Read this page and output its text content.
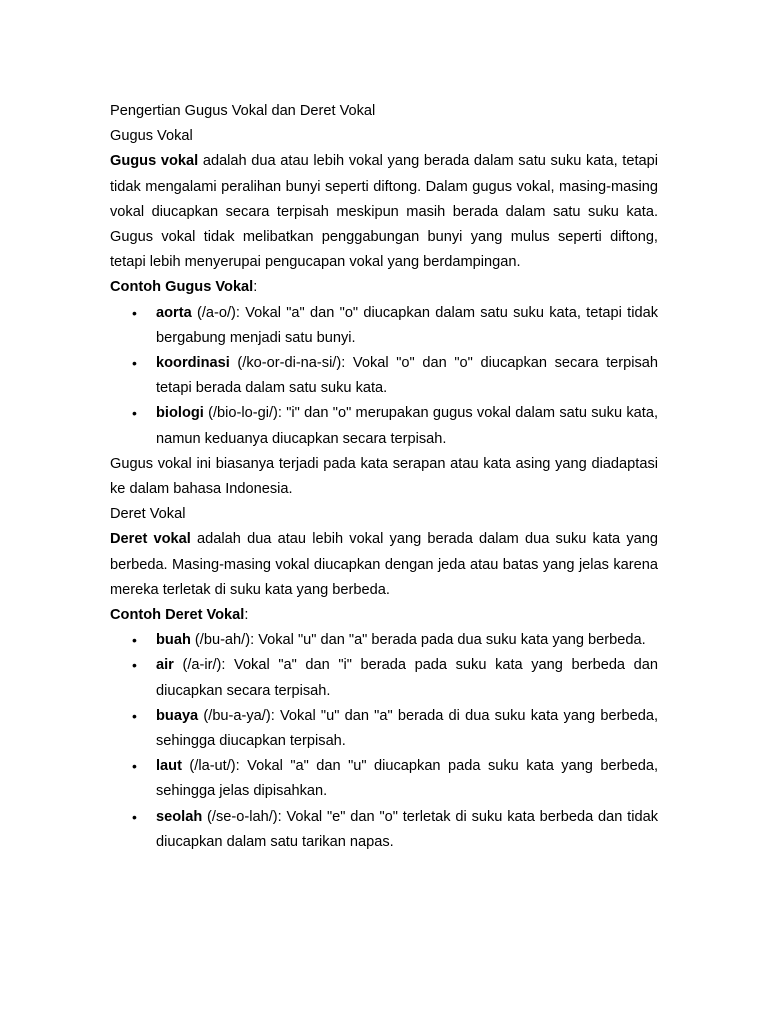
Pengertian Gugus Vokal dan Deret Vokal

Gugus Vokal

Gugus vokal adalah dua atau lebih vokal yang berada dalam satu suku kata, tetapi tidak mengalami peralihan bunyi seperti diftong. Dalam gugus vokal, masing-masing vokal diucapkan secara terpisah meskipun masih berada dalam satu suku kata. Gugus vokal tidak melibatkan penggabungan bunyi yang mulus seperti diftong, tetapi lebih menyerupai pengucapan vokal yang berdampingan.

Contoh Gugus Vokal:

• aorta (/a-o/): Vokal "a" dan "o" diucapkan dalam satu suku kata, tetapi tidak bergabung menjadi satu bunyi.
• koordinasi (/ko-or-di-na-si/): Vokal "o" dan "o" diucapkan secara terpisah tetapi berada dalam satu suku kata.
• biologi (/bio-lo-gi/): "i" dan "o" merupakan gugus vokal dalam satu suku kata, namun keduanya diucapkan secara terpisah.

Gugus vokal ini biasanya terjadi pada kata serapan atau kata asing yang diadaptasi ke dalam bahasa Indonesia.

Deret Vokal

Deret vokal adalah dua atau lebih vokal yang berada dalam dua suku kata yang berbeda. Masing-masing vokal diucapkan dengan jeda atau batas yang jelas karena mereka terletak di suku kata yang berbeda.

Contoh Deret Vokal:

• buah (/bu-ah/): Vokal "u" dan "a" berada pada dua suku kata yang berbeda.
• air (/a-ir/): Vokal "a" dan "i" berada pada suku kata yang berbeda dan diucapkan secara terpisah.
• buaya (/bu-a-ya/): Vokal "u" dan "a" berada di dua suku kata yang berbeda, sehingga diucapkan terpisah.
• laut (/la-ut/): Vokal "a" dan "u" diucapkan pada suku kata yang berbeda, sehingga jelas dipisahkan.
• seolah (/se-o-lah/): Vokal "e" dan "o" terletak di suku kata berbeda dan tidak diucapkan dalam satu tarikan napas.
